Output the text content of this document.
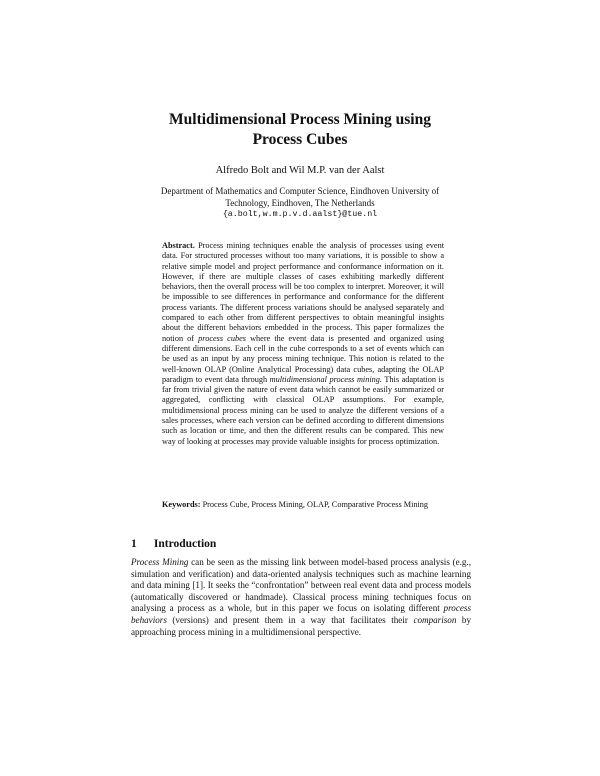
Multidimensional Process Mining using
Process Cubes
Alfredo Bolt and Wil M.P. van der Aalst
Department of Mathematics and Computer Science, Eindhoven University of
Technology, Eindhoven, The Netherlands
{a.bolt,w.m.p.v.d.aalst}@tue.nl

Abstract. Process mining techniques enable the analysis of processes using event data. For structured processes without too many variations, it is possible to show a relative simple model and project performance and conformance information on it. However, if there are multiple classes of cases exhibiting markedly different behaviors, then the overall process will be too complex to interpret. Moreover, it will be impossible to see differences in performance and conformance for the different process variants. The different process variations should be analysed separately and compared to each other from different perspectives to obtain meaningful insights about the different behaviors embedded in the process. This paper formalizes the notion of process cubes where the event data is presented and organized using different dimensions. Each cell in the cube corresponds to a set of events which can be used as an input by any process mining technique. This notion is related to the well-known OLAP (Online Analytical Processing) data cubes, adapting the OLAP paradigm to event data through multidimensional process mining. This adaptation is far from trivial given the nature of event data which cannot be easily summarized or aggregated, conflicting with classical OLAP assumptions. For example, multidimensional process mining can be used to analyze the different versions of a sales processes, where each version can be defined according to different dimensions such as location or time, and then the different results can be compared. This new way of looking at processes may provide valuable insights for process optimization.

Keywords: Process Cube, Process Mining, OLAP, Comparative Process Mining
1 Introduction

Process Mining can be seen as the missing link between model-based process analysis (e.g., simulation and verification) and data-oriented analysis techniques such as machine learning and data mining [1]. It seeks the “confrontation” between real event data and process models (automatically discovered or handmade). Classical process mining techniques focus on analysing a process as a whole, but in this paper we focus on isolating different process behaviors (versions) and present them in a way that facilitates their comparison by approaching process mining in a multidimensional perspective.
